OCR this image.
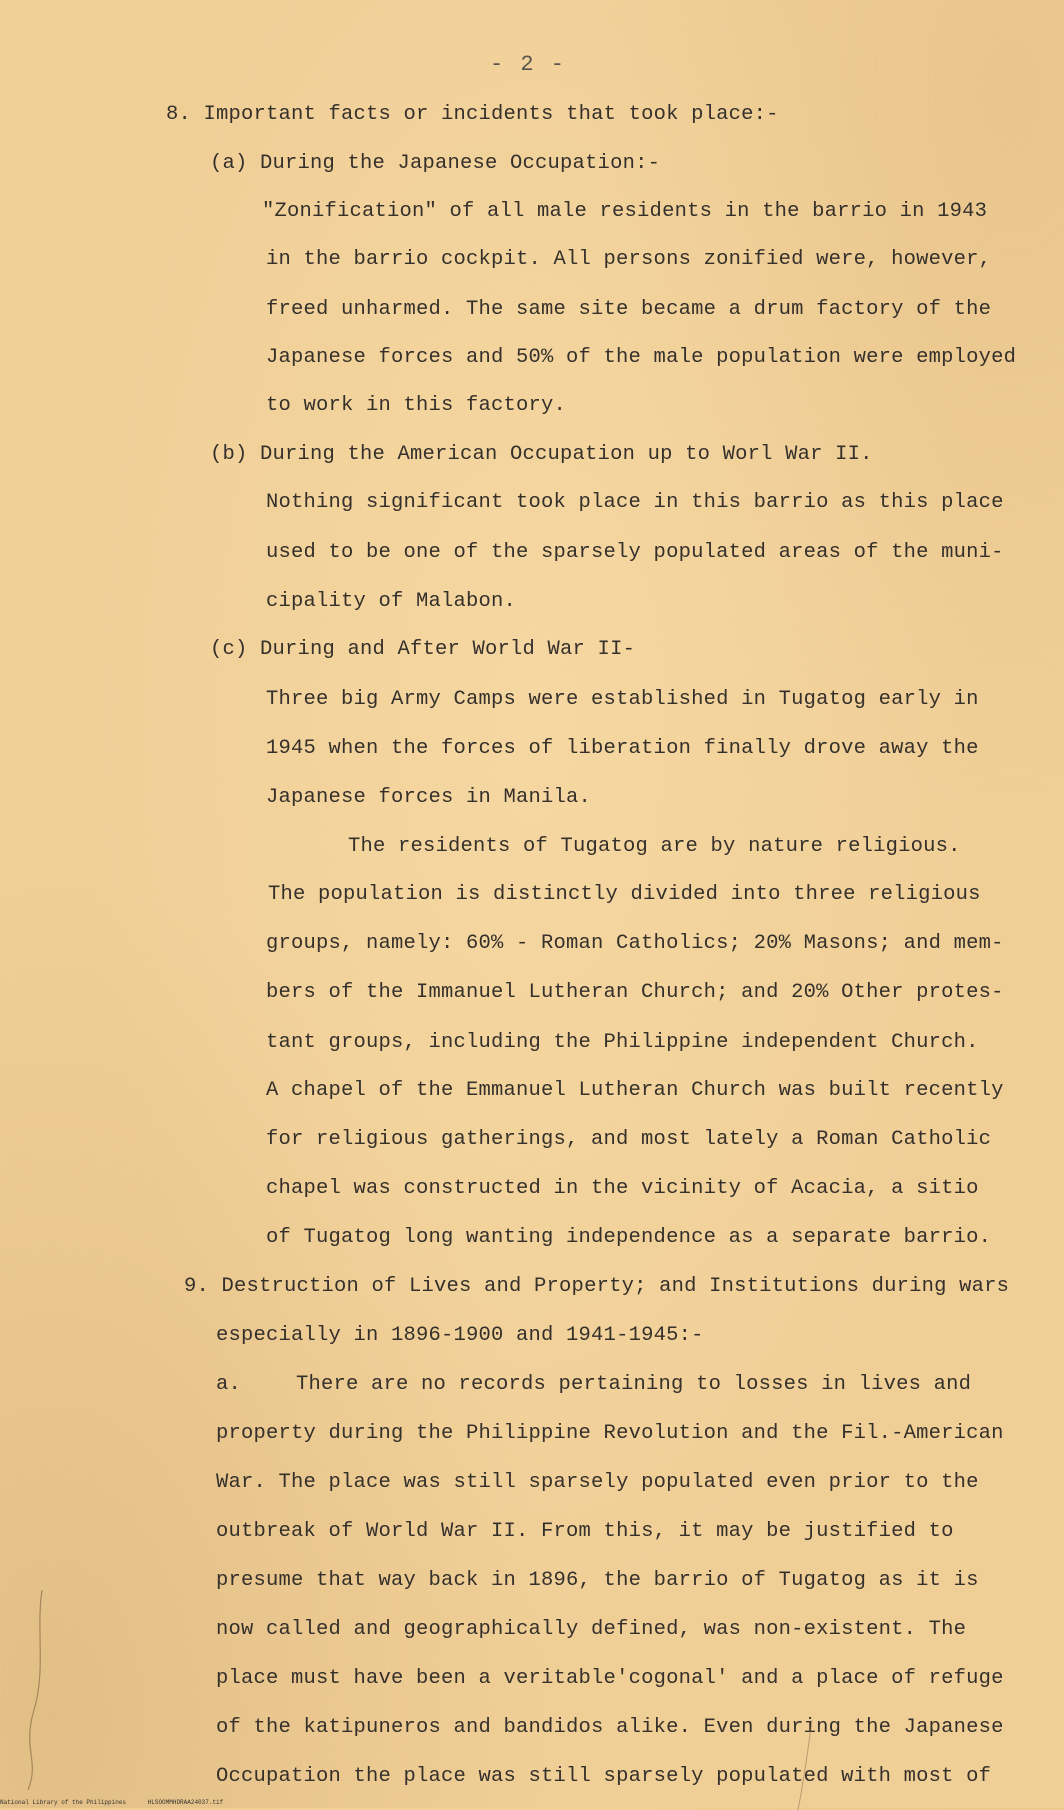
- 2 -
8. Important facts or incidents that took place:-
(a) During the Japanese Occupation:-
"Zonification" of all male residents in the barrio in 1943
in the barrio cockpit. All persons zonified were, however,
freed unharmed. The same site became a drum factory of the
Japanese forces and 50% of the male population were employed
to work in this factory.
(b) During the American Occupation up to Worl War II.
Nothing significant took place in this barrio as this place
used to be one of the sparsely populated areas of the muni-
cipality of Malabon.
(c) During and After World War II-
Three big Army Camps were established in Tugatog early in
1945 when the forces of liberation finally drove away the
Japanese forces in Manila.
The residents of Tugatog are by nature religious.
The population is distinctly divided into three religious
groups, namely: 60% - Roman Catholics; 20% Masons; and mem-
bers of the Immanuel Lutheran Church; and 20% Other protes-
tant groups, including the Philippine independent Church.
A chapel of the Emmanuel Lutheran Church was built recently
for religious gatherings, and most lately a Roman Catholic
chapel was constructed in the vicinity of Acacia, a sitio
of Tugatog long wanting independence as a separate barrio.
9. Destruction of Lives and Property; and Institutions during wars
especially in 1896-1900 and 1941-1945:-
a.	There are no records pertaining to losses in lives and
property during the Philippine Revolution and the Fil.-American
War. The place was still sparsely populated even prior to the
outbreak of World War II. From this, it may be justified to
presume that way back in 1896, the barrio of Tugatog as it is
now called and geographically defined, was non-existent. The
place must have been a veritable'cogonal' and a place of refuge
of the katipuneros and bandidos alike. Even during the Japanese
Occupation the place was still sparsely populated with most of
National Library of the Philippines	HLSOOMMHDRAA24037.tif
